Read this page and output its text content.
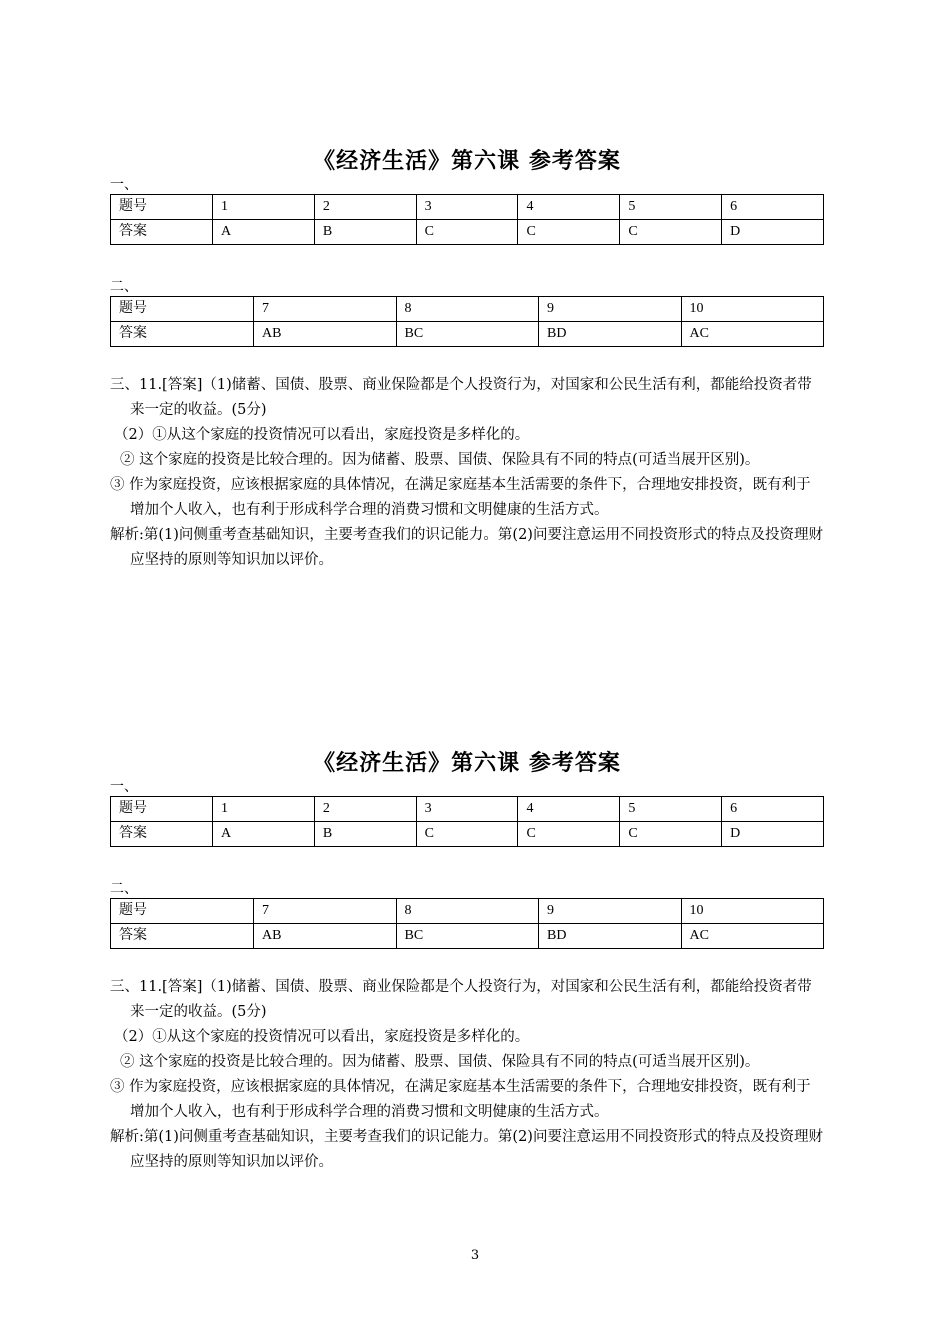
《经济生活》第六课 参考答案
一、
题号	1	2	3	4	5	6
答案	A	B	C	C	C	D
二、
题号	7	8	9	10
答案	AB	BC	BD	AC

三、11.[答案]（1)储蓄、国债、股票、商业保险都是个人投资行为，对国家和公民生活有利，都能给投资者带来一定的收益。(5分)

（2）①从这个家庭的投资情况可以看出，家庭投资是多样化的。

② 这个家庭的投资是比较合理的。因为储蓄、股票、国债、保险具有不同的特点(可适当展开区别)。

③ 作为家庭投资，应该根据家庭的具体情况，在满足家庭基本生活需要的条件下，合理地安排投资，既有利于增加个人收入，也有利于形成科学合理的消费习惯和文明健康的生活方式。

解析:第(1)问侧重考查基础知识，主要考查我们的识记能力。第(2)问要注意运用不同投资形式的特点及投资理财应坚持的原则等知识加以评价。

《经济生活》第六课 参考答案
一、
题号	1	2	3	4	5	6
答案	A	B	C	C	C	D
二、
题号	7	8	9	10
答案	AB	BC	BD	AC

三、11.[答案]（1)储蓄、国债、股票、商业保险都是个人投资行为，对国家和公民生活有利，都能给投资者带来一定的收益。(5分)

（2）①从这个家庭的投资情况可以看出，家庭投资是多样化的。

② 这个家庭的投资是比较合理的。因为储蓄、股票、国债、保险具有不同的特点(可适当展开区别)。

③ 作为家庭投资，应该根据家庭的具体情况，在满足家庭基本生活需要的条件下，合理地安排投资，既有利于增加个人收入，也有利于形成科学合理的消费习惯和文明健康的生活方式。

解析:第(1)问侧重考查基础知识，主要考查我们的识记能力。第(2)问要注意运用不同投资形式的特点及投资理财应坚持的原则等知识加以评价。

3
